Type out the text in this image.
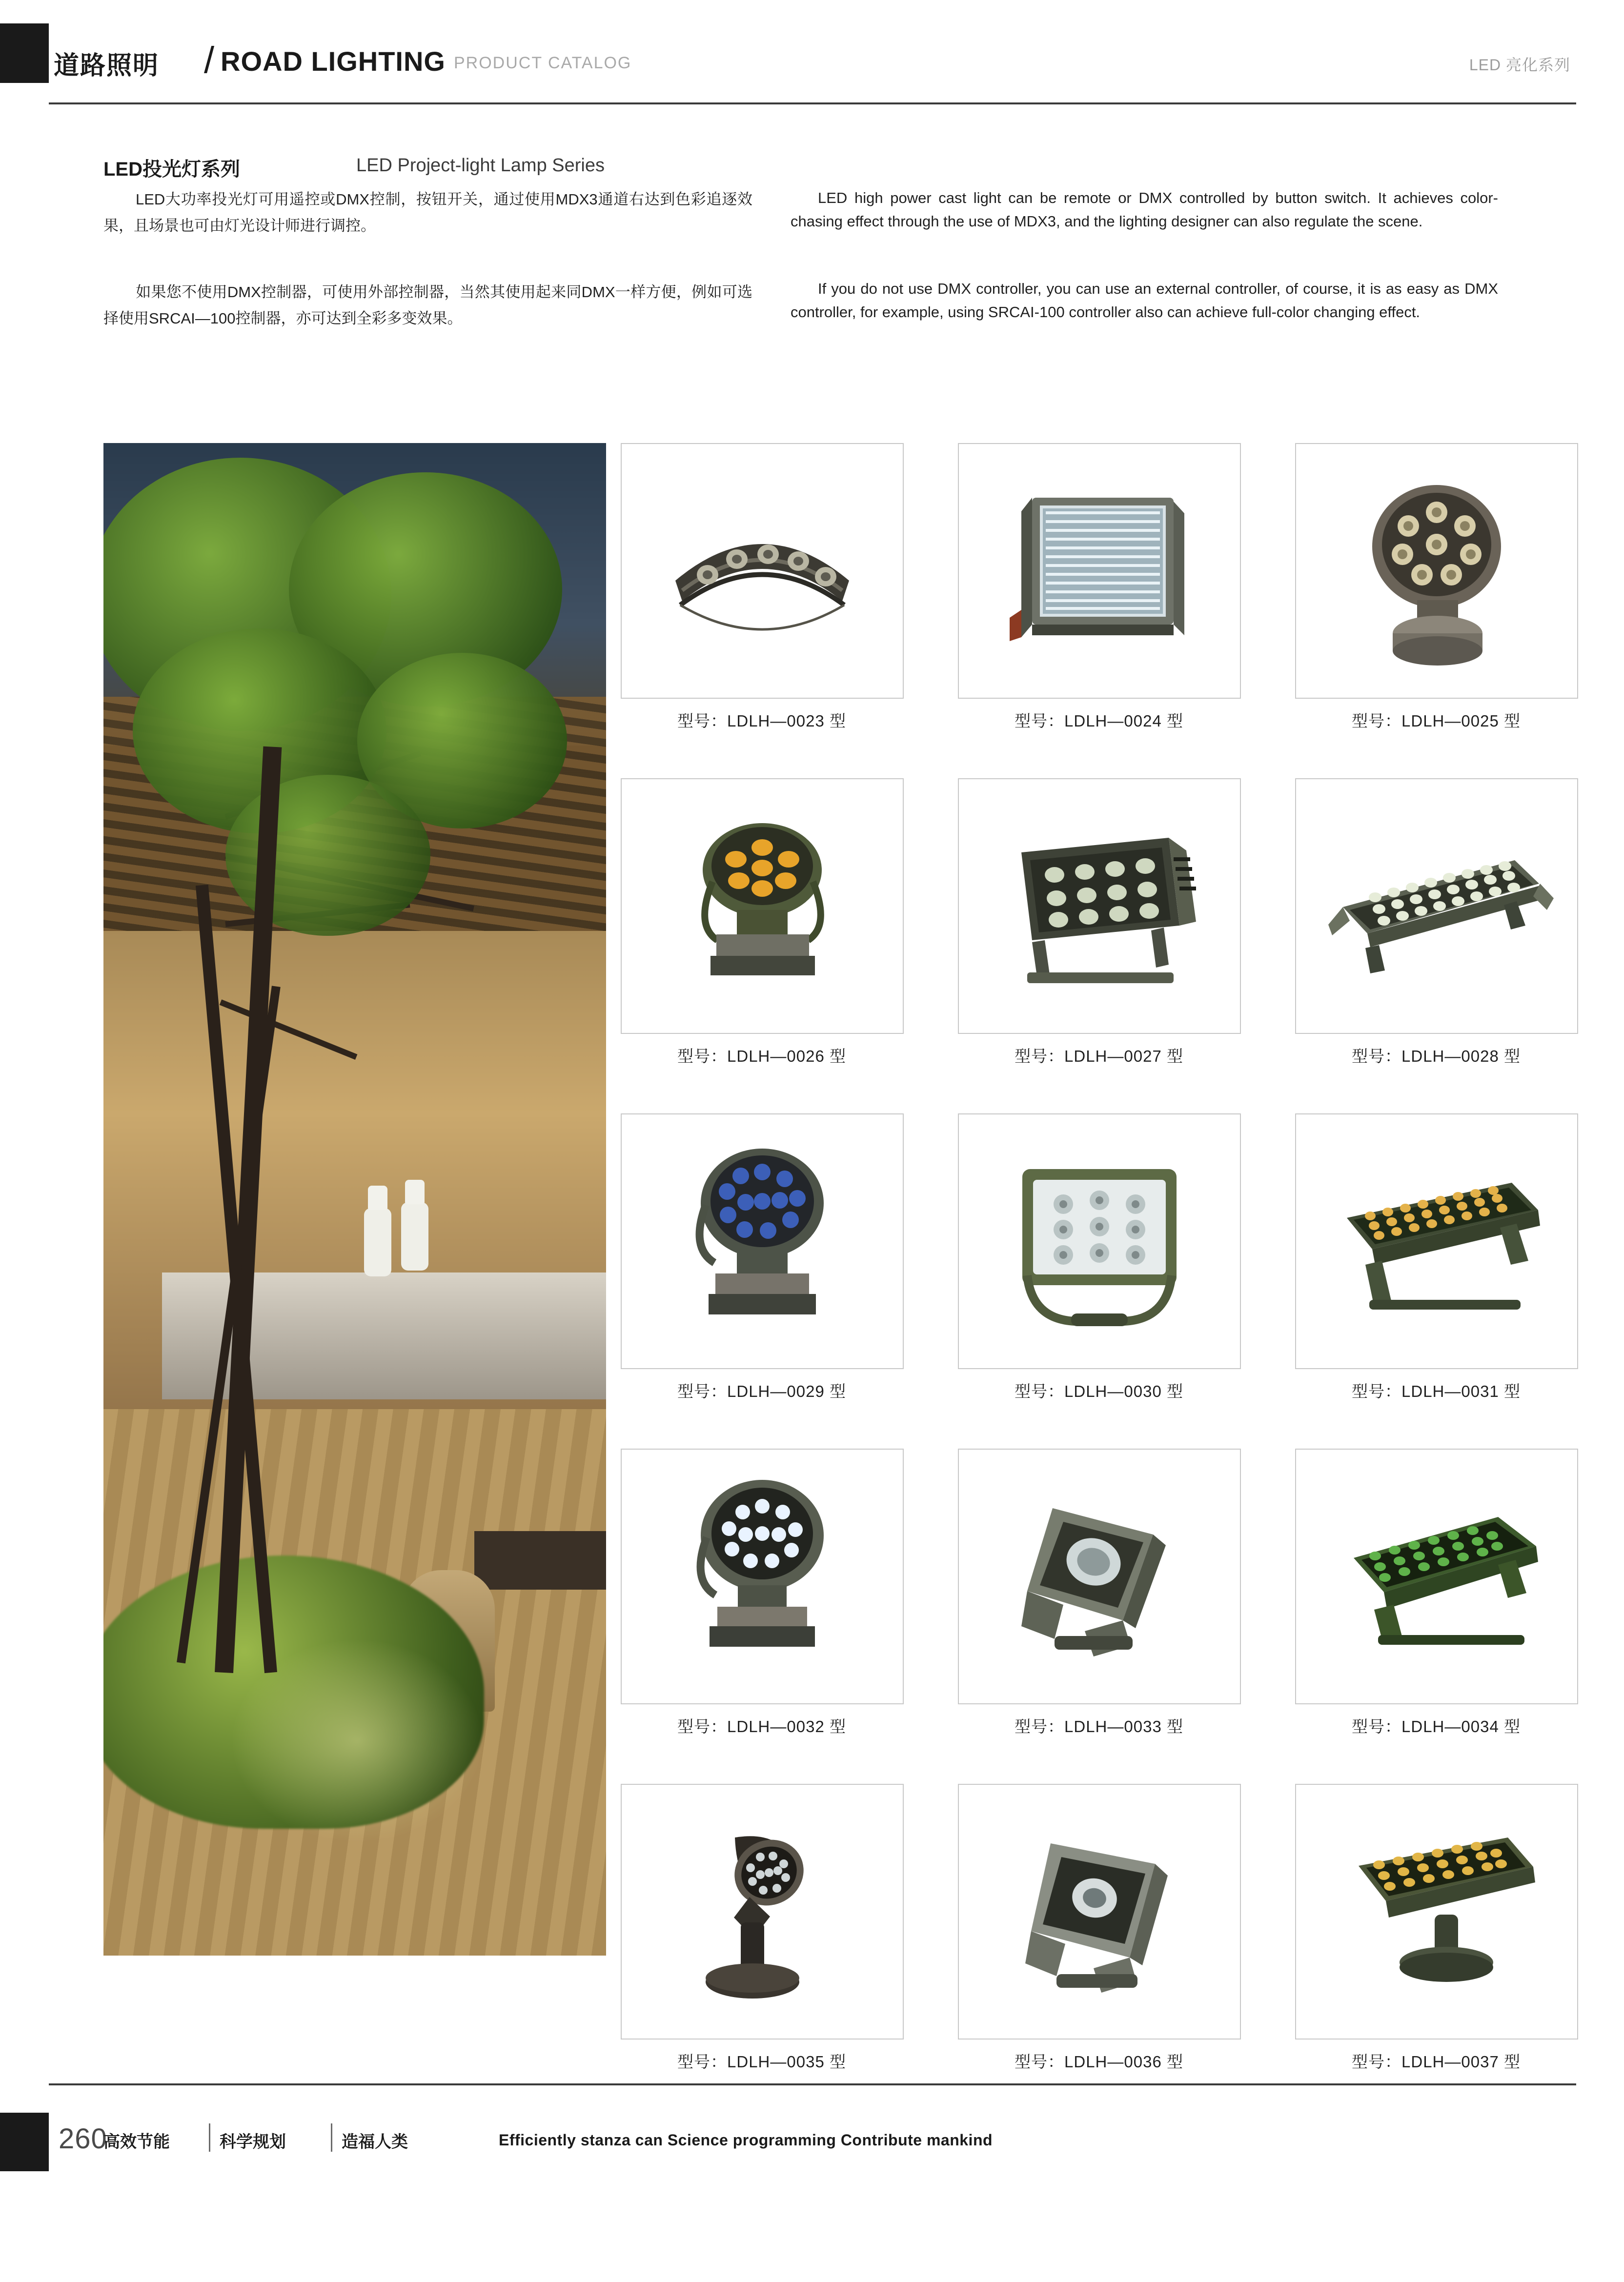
道路照明 / ROAD LIGHTING PRODUCT CATALOG	LED 亮化系列
LED投光灯系列	LED Project-light Lamp Series
LED大功率投光灯可用遥控或DMX控制，按钮开关，通过使用MDX3通道右达到色彩追逐效果，且场景也可由灯光设计师进行调控。
如果您不使用DMX控制器，可使用外部控制器，当然其使用起来同DMX一样方便，例如可选择使用SRCAI—100控制器，亦可达到全彩多变效果。
LED high power cast light can be remote or DMX controlled by button switch. It achieves color-chasing effect through the use of MDX3, and the lighting designer can also regulate the scene.
If you do not use DMX controller, you can use an external controller, of course, it is as easy as DMX controller, for example, using SRCAI-100 controller also can achieve full-color changing effect.
型号：LDLH—0023 型	型号：LDLH—0024 型	型号：LDLH—0025 型
型号：LDLH—0026 型	型号：LDLH—0027 型	型号：LDLH—0028 型
型号：LDLH—0029 型	型号：LDLH—0030 型	型号：LDLH—0031 型
型号：LDLH—0032 型	型号：LDLH—0033 型	型号：LDLH—0034 型
型号：LDLH—0035 型	型号：LDLH—0036 型	型号：LDLH—0037 型
260
高效节能	科学规划	造福人类	Efficiently stanza can Science programming Contribute mankind
